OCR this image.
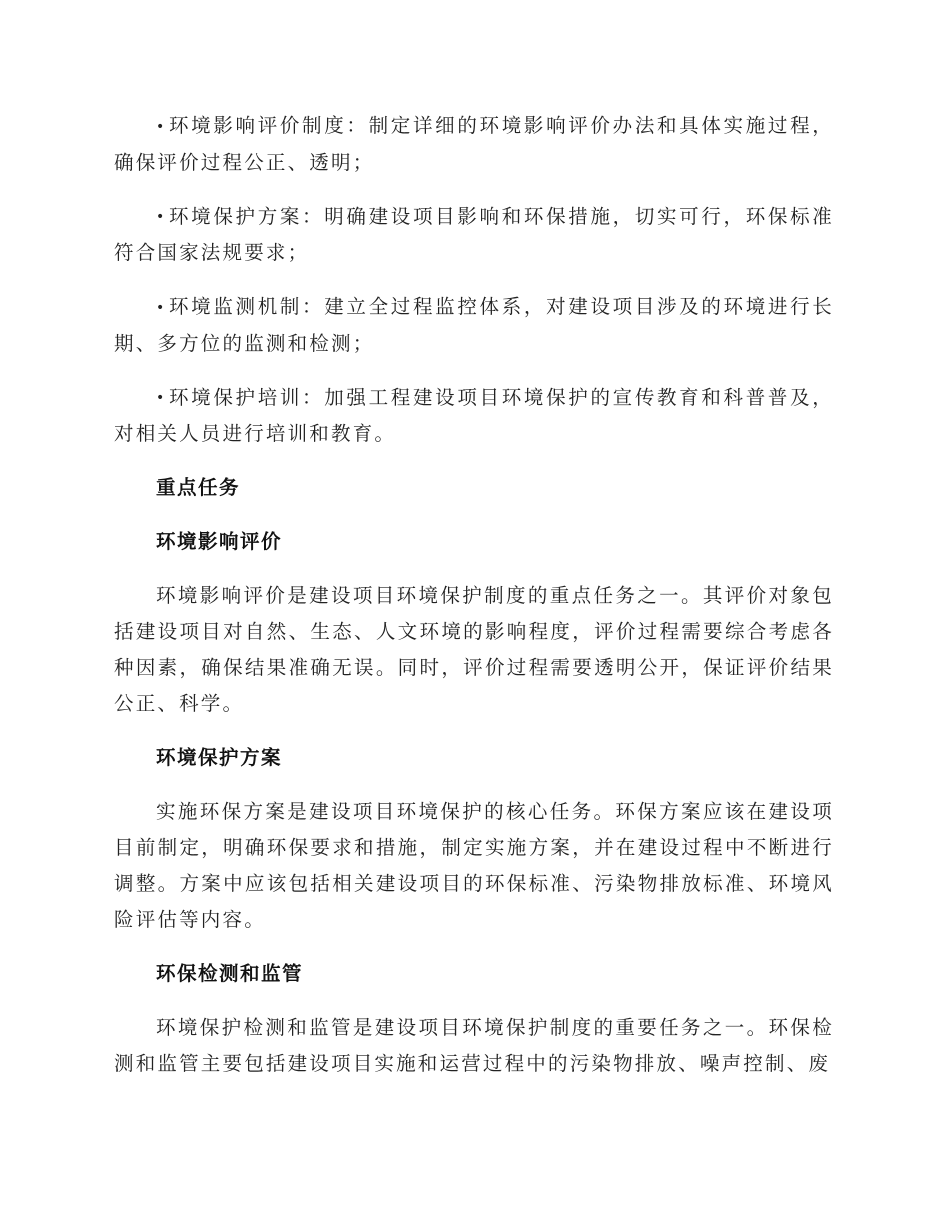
• 环境影响评价制度：制定详细的环境影响评价办法和具体实施过程，确保评价过程公正、透明；

• 环境保护方案：明确建设项目影响和环保措施，切实可行，环保标准符合国家法规要求；

• 环境监测机制：建立全过程监控体系，对建设项目涉及的环境进行长期、多方位的监测和检测；

• 环境保护培训：加强工程建设项目环境保护的宣传教育和科普普及，对相关人员进行培训和教育。

重点任务
环境影响评价

环境影响评价是建设项目环境保护制度的重点任务之一。其评价对象包括建设项目对自然、生态、人文环境的影响程度，评价过程需要综合考虑各种因素，确保结果准确无误。同时，评价过程需要透明公开，保证评价结果公正、科学。

环境保护方案

实施环保方案是建设项目环境保护的核心任务。环保方案应该在建设项目前制定，明确环保要求和措施，制定实施方案，并在建设过程中不断进行调整。方案中应该包括相关建设项目的环保标准、污染物排放标准、环境风险评估等内容。

环保检测和监管

环境保护检测和监管是建设项目环境保护制度的重要任务之一。环保检测和监管主要包括建设项目实施和运营过程中的污染物排放、噪声控制、废
